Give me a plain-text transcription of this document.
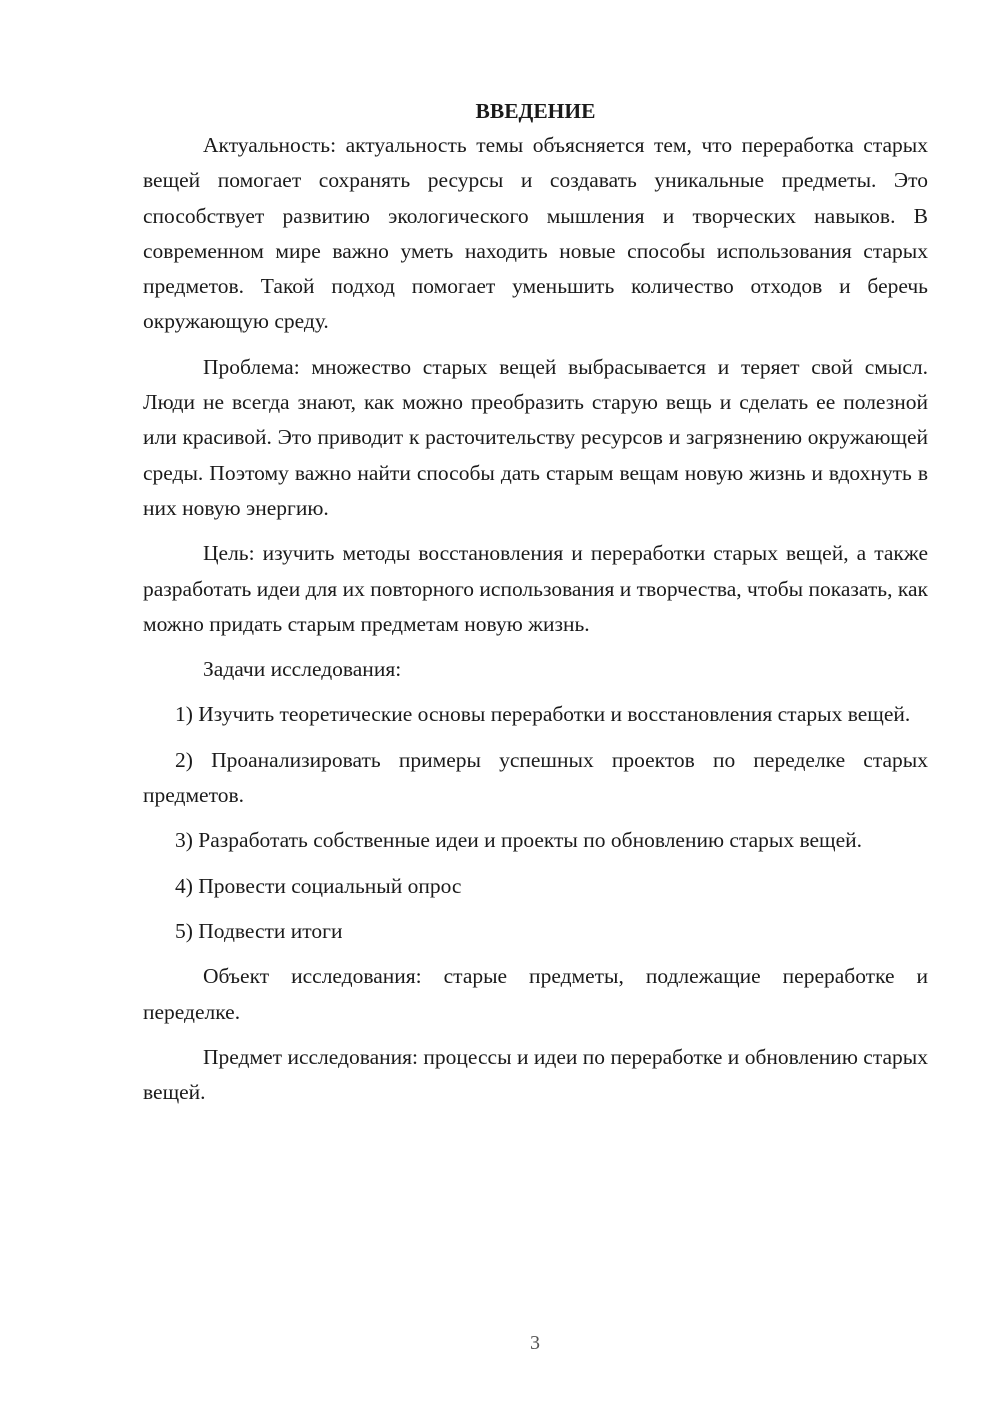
ВВЕДЕНИЕ

Актуальность: актуальность темы объясняется тем, что переработка старых вещей помогает сохранять ресурсы и создавать уникальные предметы. Это способствует развитию экологического мышления и творческих навыков. В современном мире важно уметь находить новые способы использования старых предметов. Такой подход помогает уменьшить количество отходов и беречь окружающую среду.

Проблема: множество старых вещей выбрасывается и теряет свой смысл. Люди не всегда знают, как можно преобразить старую вещь и сделать ее полезной или красивой. Это приводит к расточительству ресурсов и загрязнению окружающей среды. Поэтому важно найти способы дать старым вещам новую жизнь и вдохнуть в них новую энергию.

Цель: изучить методы восстановления и переработки старых вещей, а также разработать идеи для их повторного использования и творчества, чтобы показать, как можно придать старым предметам новую жизнь.

Задачи исследования:

1) Изучить теоретические основы переработки и восстановления старых вещей.

2) Проанализировать примеры успешных проектов по переделке старых предметов.

3) Разработать собственные идеи и проекты по обновлению старых вещей.

4) Провести социальный опрос

5) Подвести итоги

Объект исследования: старые предметы, подлежащие переработке и переделке.

Предмет исследования: процессы и идеи по переработке и обновлению старых вещей.

3
